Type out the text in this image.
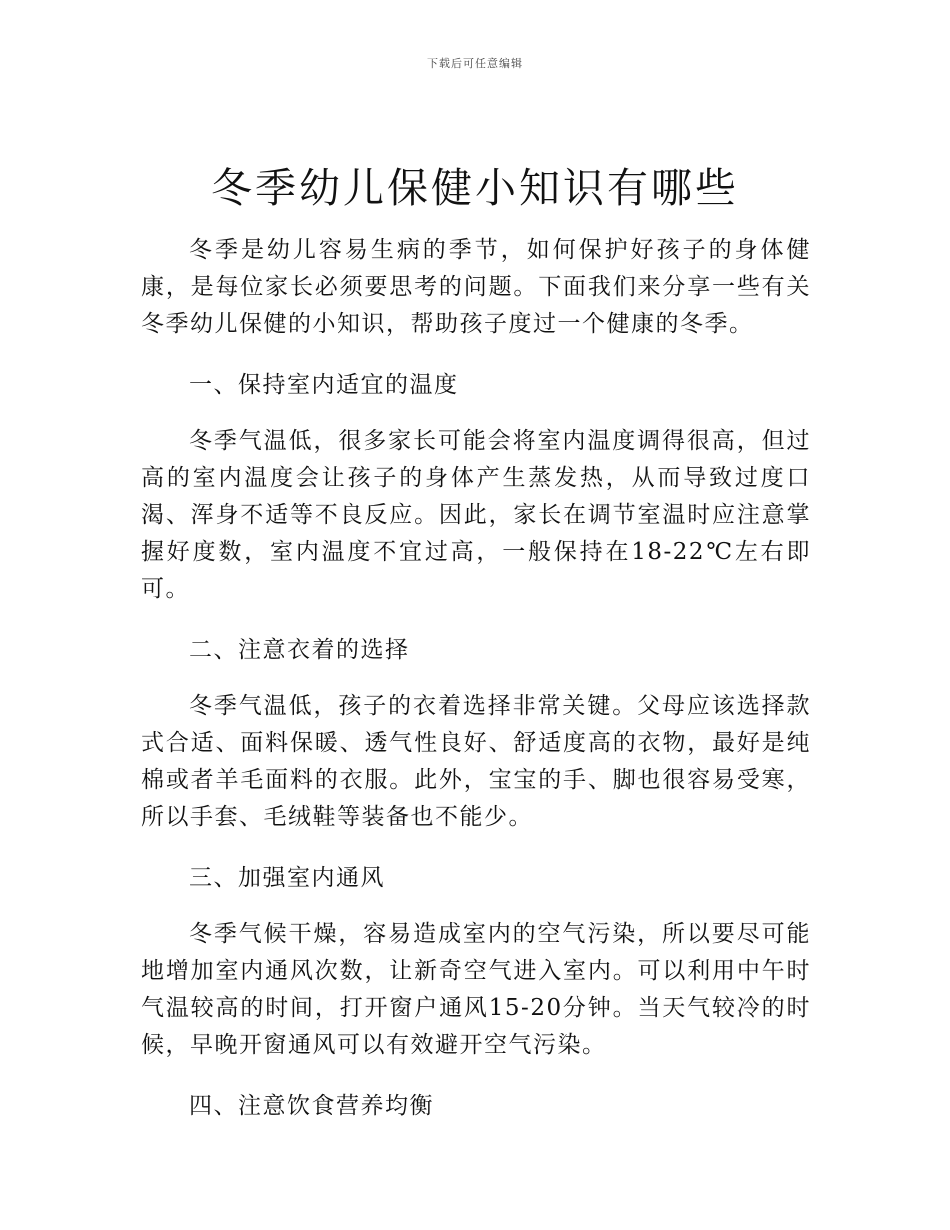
下载后可任意编辑
冬季幼儿保健小知识有哪些

冬季是幼儿容易生病的季节，如何保护好孩子的身体健康，是每位家长必须要思考的问题。下面我们来分享一些有关冬季幼儿保健的小知识，帮助孩子度过一个健康的冬季。

一、保持室内适宜的温度

冬季气温低，很多家长可能会将室内温度调得很高，但过高的室内温度会让孩子的身体产生蒸发热，从而导致过度口渴、浑身不适等不良反应。因此，家长在调节室温时应注意掌握好度数，室内温度不宜过高，一般保持在18-22℃左右即可。

二、注意衣着的选择

冬季气温低，孩子的衣着选择非常关键。父母应该选择款式合适、面料保暖、透气性良好、舒适度高的衣物，最好是纯棉或者羊毛面料的衣服。此外，宝宝的手、脚也很容易受寒，所以手套、毛绒鞋等装备也不能少。

三、加强室内通风

冬季气候干燥，容易造成室内的空气污染，所以要尽可能地增加室内通风次数，让新奇空气进入室内。可以利用中午时气温较高的时间，打开窗户通风15-20分钟。当天气较冷的时候，早晚开窗通风可以有效避开空气污染。

四、注意饮食营养均衡
